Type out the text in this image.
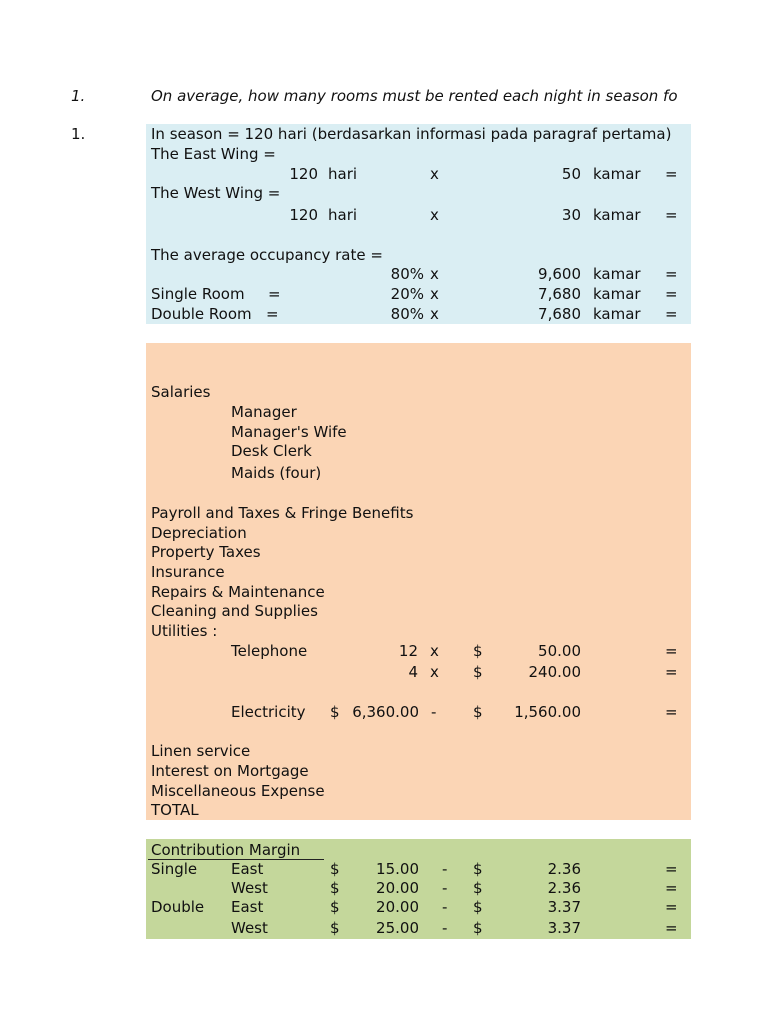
1.	On average, how many rooms must be rented each night in season fo
1.	In season = 120 hari (berdasarkan informasi pada paragraf pertama)
The East Wing =
120 hari	x	50 kamar =
The West Wing =
120 hari	x	30 kamar =
The average occupancy rate =
80% x	9,600 kamar =
Single Room =	20% x	7,680 kamar =
Double Room =	80% x	7,680 kamar =
Salaries
Manager
Manager's Wife
Desk Clerk
Maids (four)
Payroll and Taxes & Fringe Benefits
Depreciation
Property Taxes
Insurance
Repairs & Maintenance
Cleaning and Supplies
Utilities :
Telephone	12 x $	50.00	=
4 x $	240.00	=
Electricity $ 6,360.00 - $	1,560.00	=
Linen service
Interest on Mortgage
Miscellaneous Expense
TOTAL
Contribution Margin
Single East	$	15.00 - $	2.36	=
West	$	20.00 - $	2.36	=
Double East	$	20.00 - $	3.37	=
West	$	25.00 - $	3.37	=
